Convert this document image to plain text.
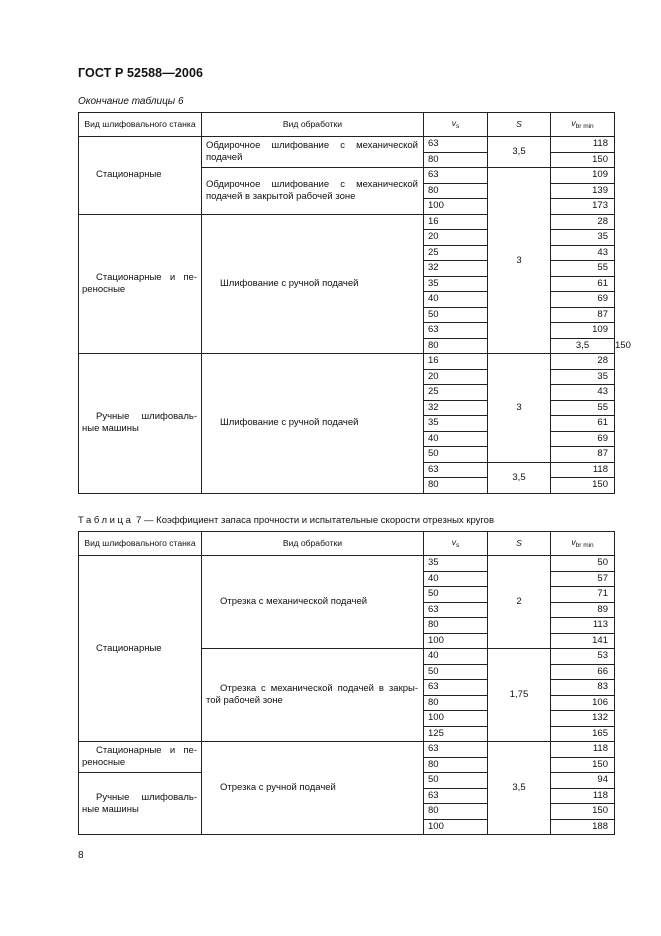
ГОСТ Р 52588—2006
Окончание таблицы 6
Вид шлифовального станка	Вид обработки	$v_s$	S	$v_{br min}$
Стационарные	Обдирочное шлифование с механической
подачей	63	3,5	118	
		80		150	

	Обдирочное шлифование с механической
подачей в закрытой рабочей зоне	63	3	109	
		80		139	
		100		173	

Стационарные и пе-
реносные	Шлифование с ручной подачей	16		28	
		20		35	
		25		43	
		32		55	
		35		61	
		40		69	
		50		87	
		63		109	
		80		3,5	150

Ручные шлифоваль-
ные машины	Шлифование с ручной подачей	16	3	28	
		20		35	
		25		43	
		32		55	
		35		61	
		40		69	
		50		87	
		63	3,5	118	
		80		150	
Таблица 7 — Коэффициент запаса прочности и испытательные скорости отрезных кругов
Вид шлифовального станка	Вид обработки	$v_s$	S	$v_{br min}$
Стационарные	Отрезка с механической подачей	35	2	50
		40		57
		50		71
		63		89
		80		113
		100		141

	Отрезка с механической подачей в закры-
той рабочей зоне	40	1,75	53
		50		66
		63		83
		80		106
		100		132
		125		165

Стационарные и пе-
реносные	Отрезка с ручной подачей	63	3,5	118
		80		150

Ручные шлифоваль-
ные машины		50		94
		63		118
		80		150
		100		188
8
